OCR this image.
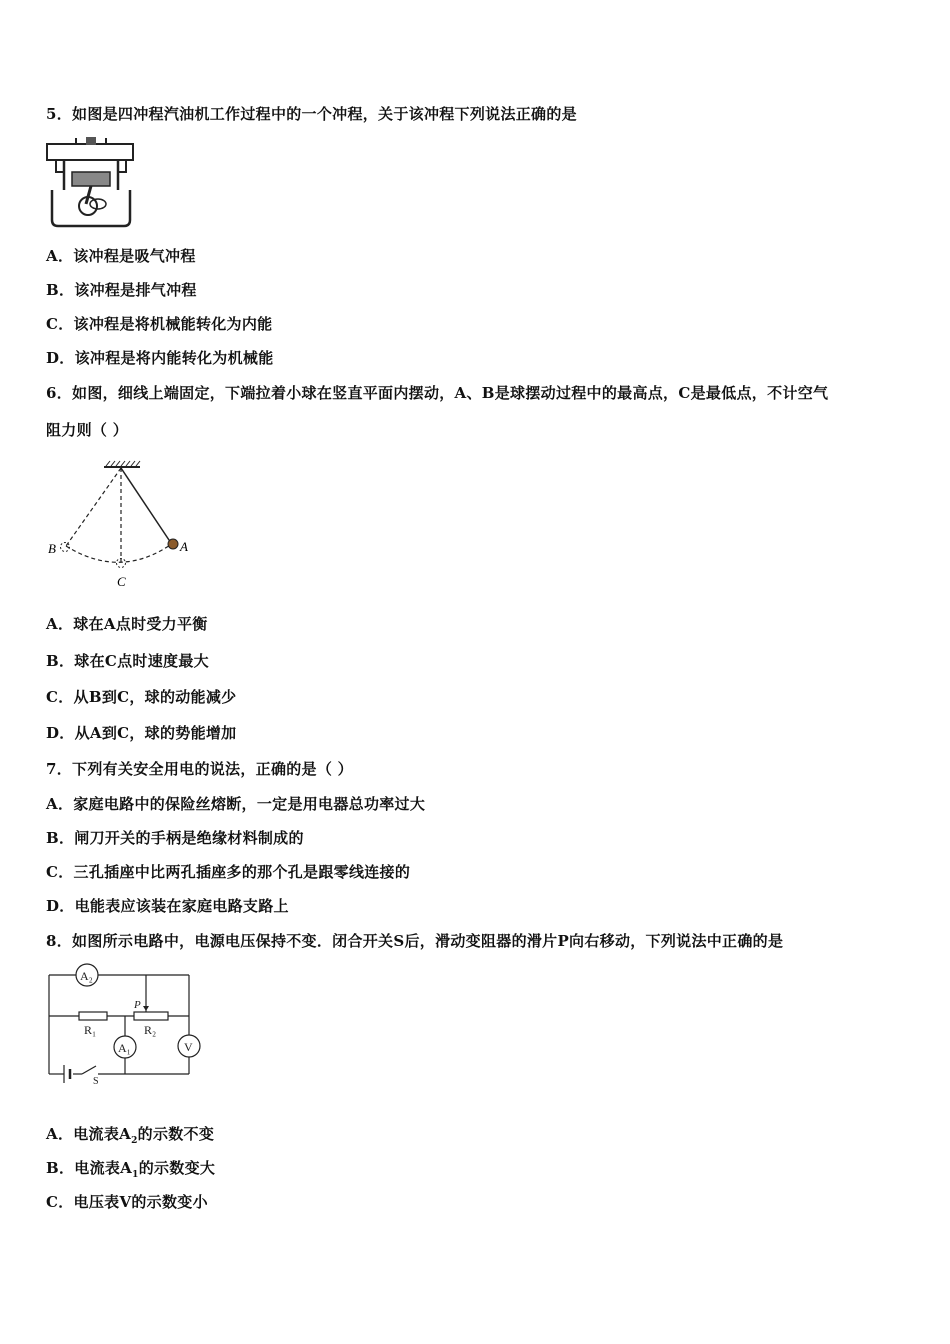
5．如图是四冲程汽油机工作过程中的一个冲程，关于该冲程下列说法正确的是
A．该冲程是吸气冲程
B．该冲程是排气冲程
C．该冲程是将机械能转化为内能
D．该冲程是将内能转化为机械能
6．如图，细线上端固定，下端拉着小球在竖直平面内摆动，A、B是球摆动过程中的最高点，C是最低点，不计空气
阻力则（ ）
B	A
C
A．球在A点时受力平衡
B．球在C点时速度最大
C．从B到C，球的动能减少
D．从A到C，球的势能增加
7．下列有关安全用电的说法，正确的是（ ）
A．家庭电路中的保险丝熔断，一定是用电器总功率过大
B．闸刀开关的手柄是绝缘材料制成的
C．三孔插座中比两孔插座多的那个孔是跟零线连接的
D．电能表应该装在家庭电路支路上
8．如图所示电路中，电源电压保持不变．闭合开关S后，滑动变阻器的滑片P向右移动，下列说法中正确的是
A₂
A₁	V
R₁	R₂
P
S
A．电流表$A_2$的示数不变
B．电流表$A_1$的示数变大
C．电压表V的示数变小
